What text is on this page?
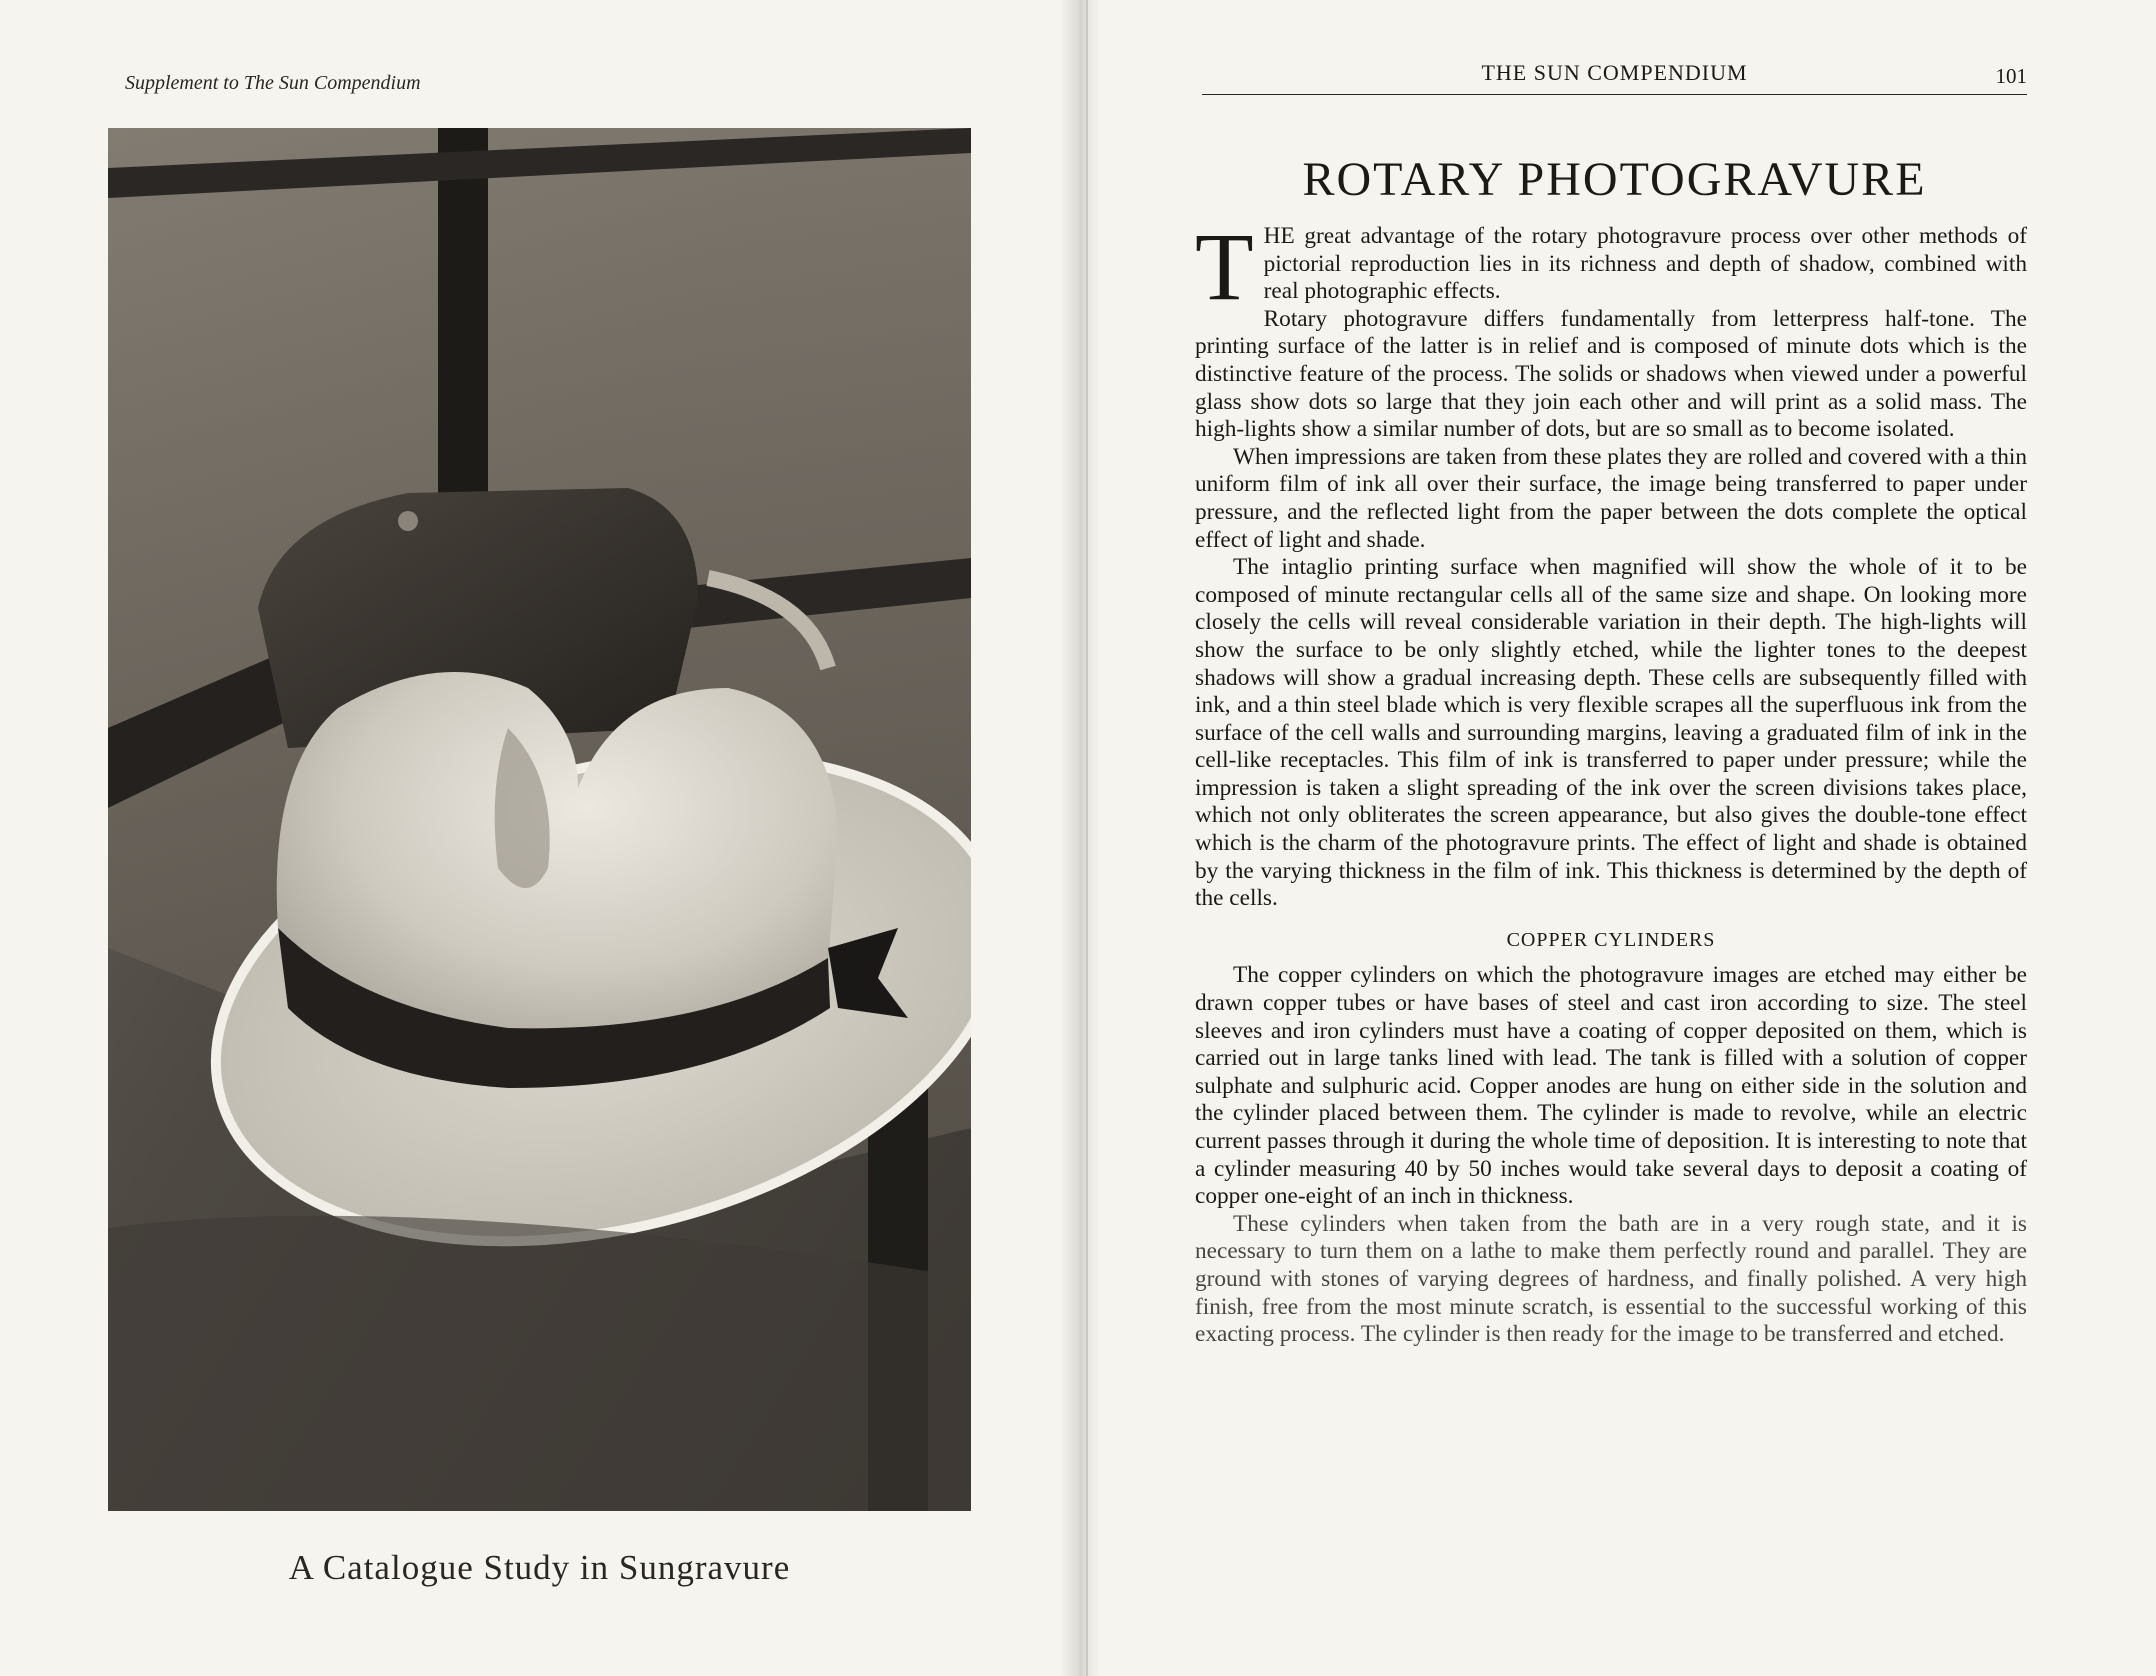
Supplement to The Sun Compendium
A Catalogue Study in Sungravure
THE SUN COMPENDIUM	101
ROTARY PHOTOGRAVURE

THE great advantage of the rotary photogravure process over other methods of pictorial reproduction lies in its richness and depth of shadow, combined with real photographic effects.

Rotary photogravure differs fundamentally from letterpress half-tone. The printing surface of the latter is in relief and is composed of minute dots which is the distinctive feature of the process. The solids or shadows when viewed under a powerful glass show dots so large that they join each other and will print as a solid mass. The high-lights show a similar number of dots, but are so small as to become isolated.

When impressions are taken from these plates they are rolled and covered with a thin uniform film of ink all over their surface, the image being transferred to paper under pressure, and the reflected light from the paper between the dots complete the optical effect of light and shade.

The intaglio printing surface when magnified will show the whole of it to be composed of minute rectangular cells all of the same size and shape. On looking more closely the cells will reveal considerable variation in their depth. The high-lights will show the surface to be only slightly etched, while the lighter tones to the deepest shadows will show a gradual increasing depth. These cells are subsequently filled with ink, and a thin steel blade which is very flexible scrapes all the superfluous ink from the surface of the cell walls and surrounding margins, leaving a graduated film of ink in the cell-like receptacles. This film of ink is transferred to paper under pressure; while the impression is taken a slight spreading of the ink over the screen divisions takes place, which not only obliterates the screen appearance, but also gives the double-tone effect which is the charm of the photogravure prints. The effect of light and shade is obtained by the varying thickness in the film of ink. This thickness is determined by the depth of the cells.

COPPER CYLINDERS

The copper cylinders on which the photogravure images are etched may either be drawn copper tubes or have bases of steel and cast iron according to size. The steel sleeves and iron cylinders must have a coating of copper deposited on them, which is carried out in large tanks lined with lead. The tank is filled with a solution of copper sulphate and sulphuric acid. Copper anodes are hung on either side in the solution and the cylinder placed between them. The cylinder is made to revolve, while an electric current passes through it during the whole time of deposition. It is interesting to note that a cylinder measuring 40 by 50 inches would take several days to deposit a coating of copper one-eight of an inch in thickness.

These cylinders when taken from the bath are in a very rough state, and it is necessary to turn them on a lathe to make them perfectly round and parallel. They are ground with stones of varying degrees of hardness, and finally polished. A very high finish, free from the most minute scratch, is essential to the successful working of this exacting process. The cylinder is then ready for the image to be transferred and etched.
